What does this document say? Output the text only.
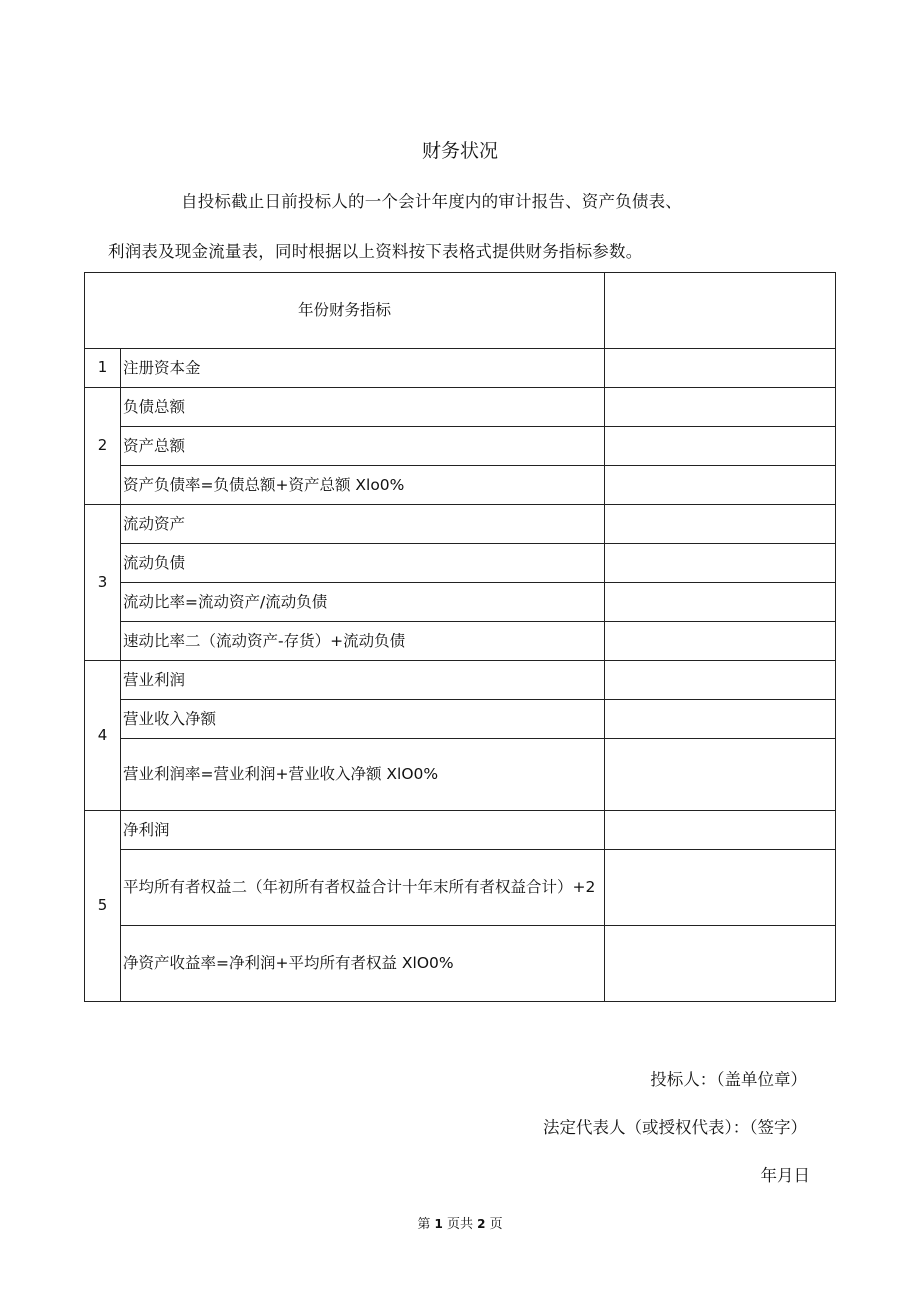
财务状况
自投标截止日前投标人的一个会计年度内的审计报告、资产负债表、
利润表及现金流量表，同时根据以上资料按下表格式提供财务指标参数。
年份财务指标		
1	注册资本金	
2	负债总额	
	资产总额	
	资产负债率=负债总额+资产总额 Xlo0%	
3	流动资产	
	流动负债	
	流动比率=流动资产/流动负债	
	速动比率二（流动资产-存货）+流动负债	
4	营业利润	
	营业收入净额	
	营业利润率=营业利润+营业收入净额 XlO0%	
5	净利润	
	平均所有者权益二（年初所有者权益合计十年末所有者权益合计）+2	
	净资产收益率=净利润+平均所有者权益 XlO0%	
投标人：（盖单位章）
法定代表人（或授权代表）：（签字）
年月日
第 1 页共 2 页
